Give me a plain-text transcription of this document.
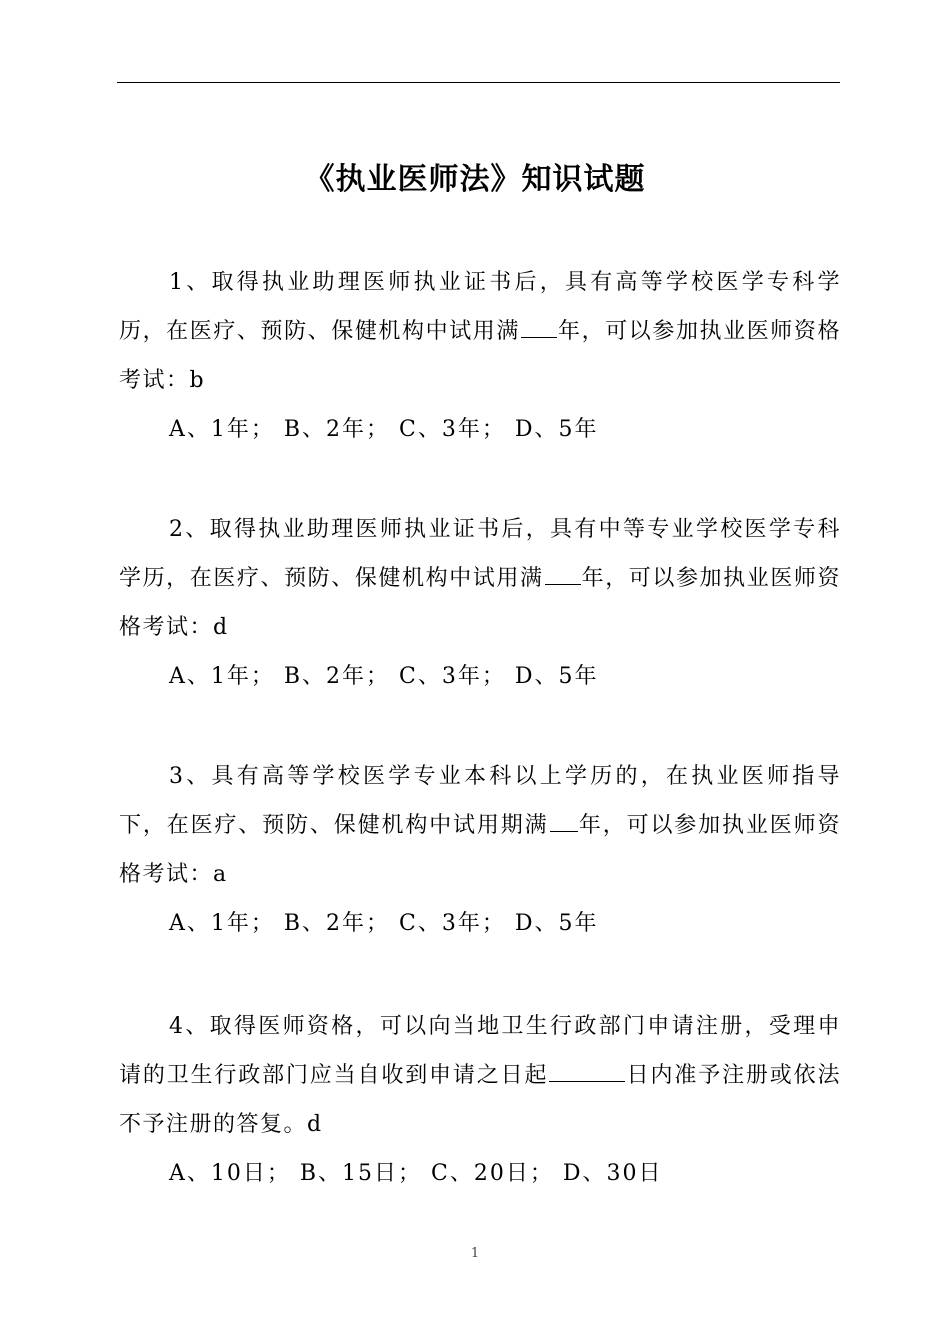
《执业医师法》知识试题

1、取得执业助理医师执业证书后，具有高等学校医学专科学历，在医疗、预防、保健机构中试用满 年，可以参加执业医师资格考试：b

A、1年； B、2年； C、3年； D、5年

2、取得执业助理医师执业证书后，具有中等专业学校医学专科学历，在医疗、预防、保健机构中试用满 年，可以参加执业医师资格考试：d

A、1年； B、2年； C、3年； D、5年

3、具有高等学校医学专业本科以上学历的，在执业医师指导下，在医疗、预防、保健机构中试用期满 年，可以参加执业医师资格考试：a

A、1年； B、2年； C、3年； D、5年

4、取得医师资格，可以向当地卫生行政部门申请注册，受理申请的卫生行政部门应当自收到申请之日起	日内准予注册或依法不予注册的答复。d

A、10日； B、15日； C、20日； D、30日

1
